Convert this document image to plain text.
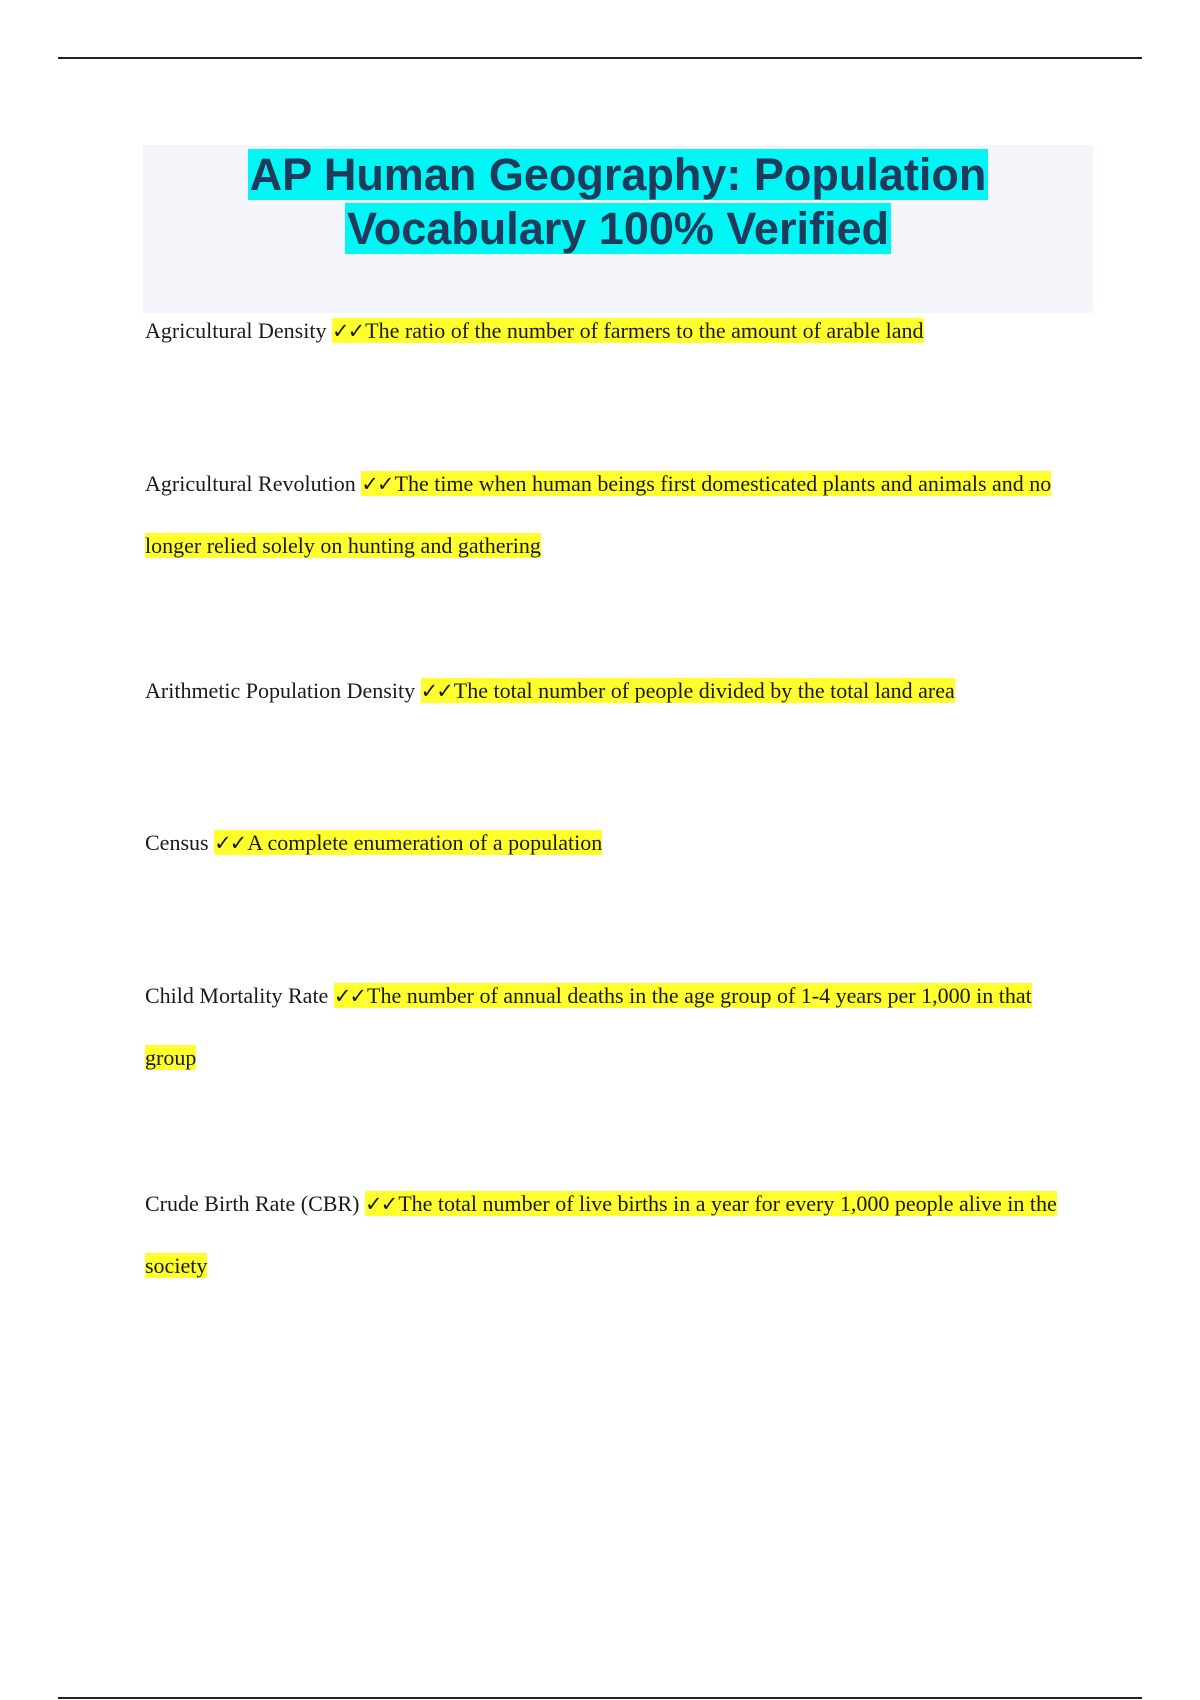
AP Human Geography: Population
Vocabulary 100% Verified
Agricultural Density ✓✓The ratio of the number of farmers to the amount of arable land
Agricultural Revolution ✓✓The time when human beings first domesticated plants and animals and no longer relied solely on hunting and gathering
Arithmetic Population Density ✓✓The total number of people divided by the total land area
Census ✓✓A complete enumeration of a population
Child Mortality Rate ✓✓The number of annual deaths in the age group of 1-4 years per 1,000 in that group
Crude Birth Rate (CBR) ✓✓The total number of live births in a year for every 1,000 people alive in the society
